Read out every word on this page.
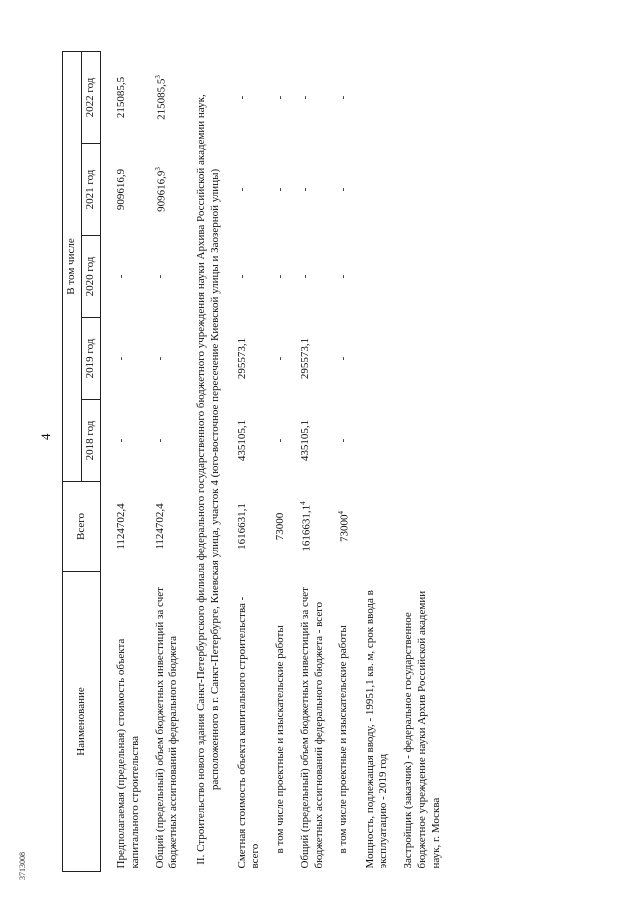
4
3713008
Наименование	Всего	В том числе				
		2018 год	2019 год	2020 год	2021 год	2022 год
Предполагаемая (предельная) стоимость объекта капитального строительства	1124702,4	-	-	-	909616,9	215085,5
Общий (предельный) объем бюджетных инвестиций за счет бюджетных ассигнований федерального бюджета	1124702,4	-	-	-	909616,9$^3$	215085,5$^3$
II. Строительство нового здания Санкт-Петербургского филиала федерального государственного бюджетного учреждения науки Архива Российской академии наук, расположенного в г. Санкт-Петербурге, Киевская улица, участок 4 (юго-восточное пересечение Киевской улицы и Заозерной улицы)						
Сметная стоимость объекта капитального строительства - всего	1616631,1	435105,1	295573,1	-	-	-
в том числе проектные и изыскательские работы	73000	-	-	-	-	-
Общий (предельный) объем бюджетных инвестиций за счет бюджетных ассигнований федерального бюджета - всего	1616631,1$^4$	435105,1	295573,1	-	-	-
в том числе проектные и изыскательские работы	73000$^4$	-	-	-	-	-
Мощность, подлежащая вводу, - 19951,1 кв. м, срок ввода в эксплуатацию - 2019 год						
Застройщик (заказчик) - федеральное государственное бюджетное учреждение науки Архив Российской академии наук, г. Москва						
